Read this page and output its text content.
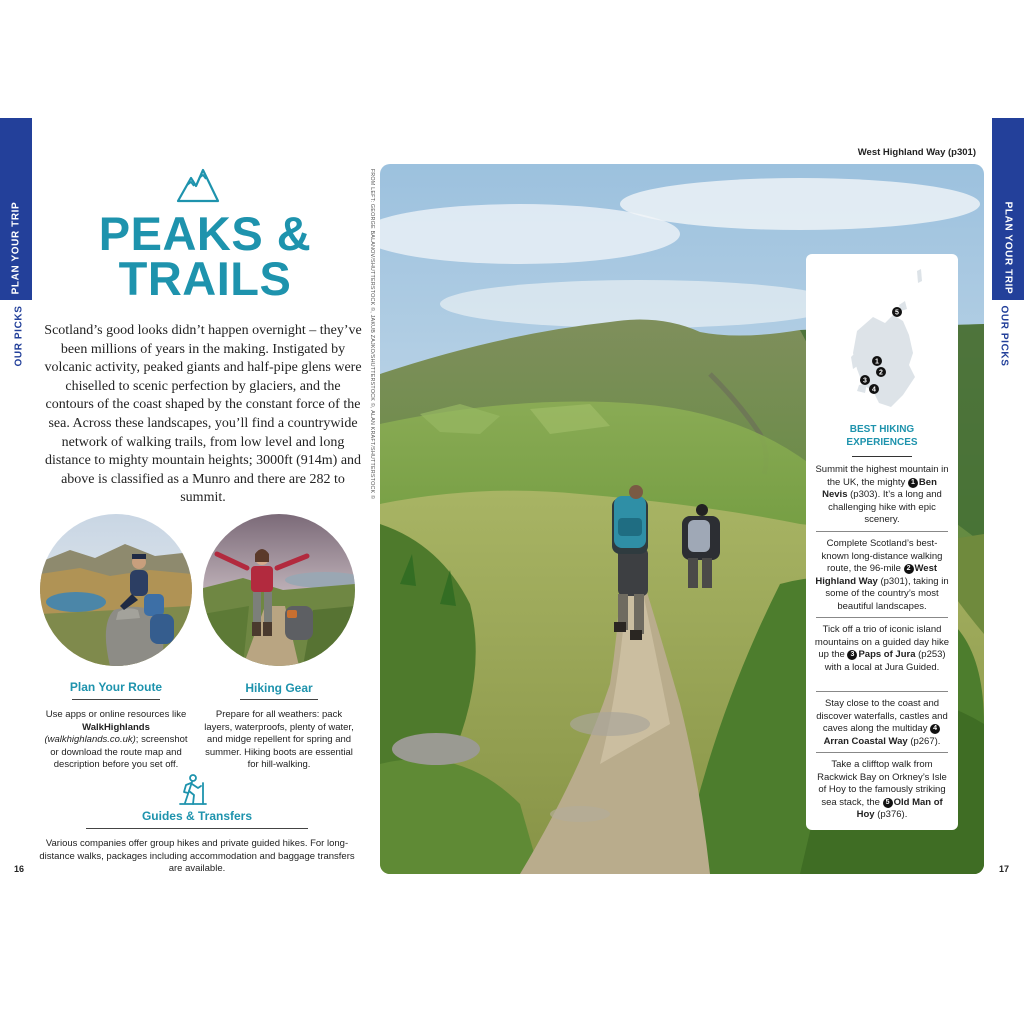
PLAN YOUR TRIP
OUR PICKS
PEAKS &
TRAILS
Scotland’s good looks didn’t happen overnight – they’ve been millions of years in the making. Instigated by volcanic activity, peaked giants and half-pipe glens were chiselled to scenic perfection by glaciers, and the contours of the coast shaped by the constant force of the sea. Across these landscapes, you’ll find a countrywide network of walking trails, from low level and long distance to mighty mountain heights; 3000ft (914m) and above is classified as a Munro and there are 282 to summit.
Plan Your Route
Use apps or online resources like WalkHighlands (walkhighlands.co.uk); screenshot or download the route map and description before you set off.
Hiking Gear
Prepare for all weathers: pack layers, waterproofs, plenty of water, and midge repellent for spring and summer. Hiking boots are essential for hill-walking.
Guides & Transfers
Various companies offer group hikes and private guided hikes. For long-distance walks, packages including accommodation and baggage transfers are available.
16
FROM LEFT: GEORGE BALANOV/SHUTTERSTOCK ©, JAKUB ZAJKO/SHUTTERSTOCK ©, ALAN KRAFT/SHUTTERSTOCK ©
West Highland Way (p301)
5
1
2
3
4
BEST HIKING
EXPERIENCES
Summit the highest mountain in the UK, the mighty 1 Ben Nevis (p303). It’s a long and challenging hike with epic scenery.
Complete Scotland’s best-known long-distance walking route, the 96-mile 2 West Highland Way (p301), taking in some of the country’s most beautiful landscapes.
Tick off a trio of iconic island mountains on a guided day hike up the 3 Paps of Jura (p253) with a local at Jura Guided.
Stay close to the coast and discover waterfalls, castles and caves along the multiday 4Arran Coastal Way (p267).
Take a clifftop walk from Rackwick Bay on Orkney’s Isle of Hoy to the famously striking sea stack, the 5 Old Man of Hoy (p376).
PLAN YOUR TRIP
OUR PICKS
17
